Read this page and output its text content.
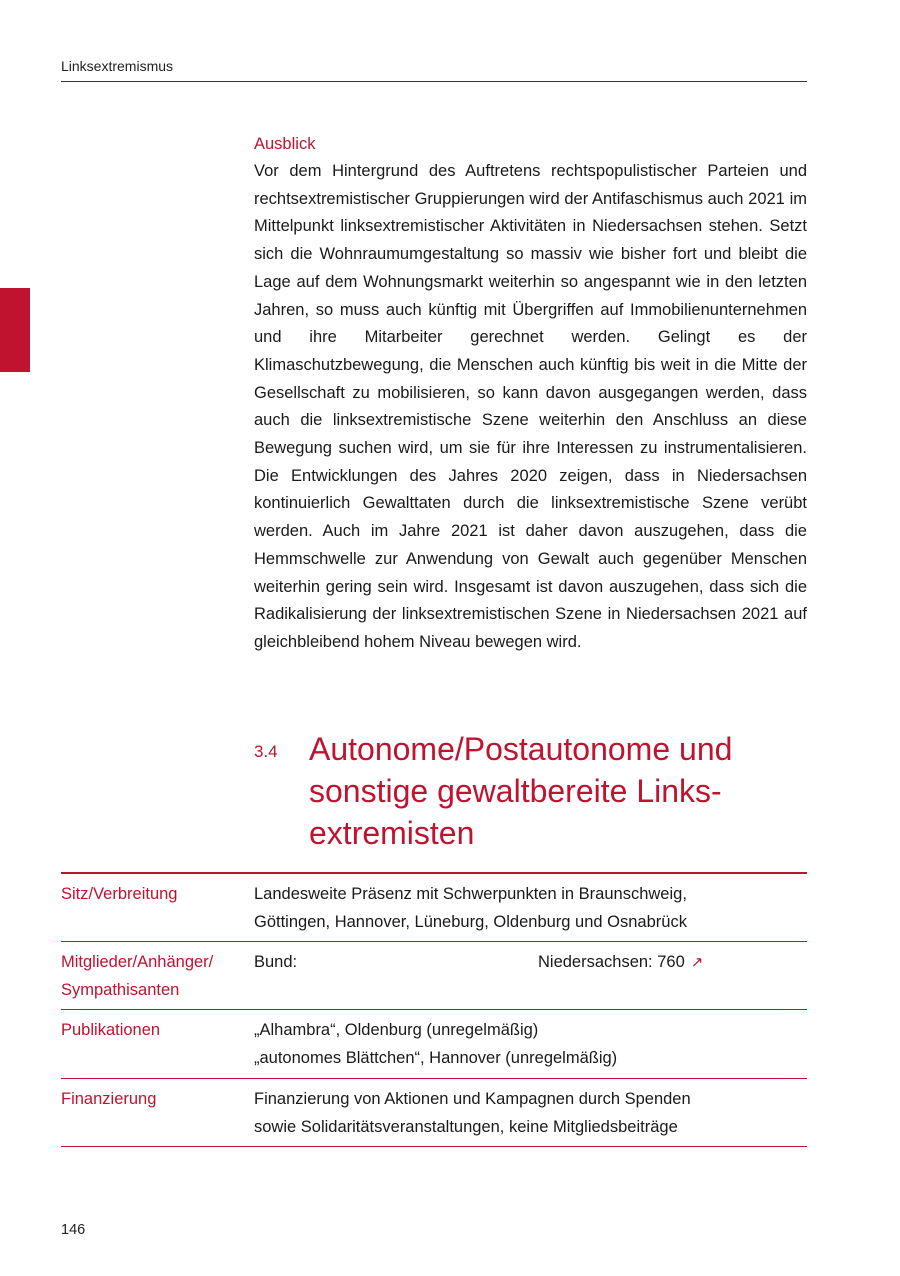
Linksextremismus
Ausblick

Vor dem Hintergrund des Auftretens rechtspopulistischer Parteien und rechtsextremistischer Gruppierungen wird der Antifaschismus auch 2021 im Mittelpunkt linksextremistischer Aktivitäten in Niedersachsen stehen. Setzt sich die Wohnraumumgestaltung so massiv wie bisher fort und bleibt die Lage auf dem Wohnungsmarkt weiterhin so angespannt wie in den letzten Jahren, so muss auch künftig mit Übergriffen auf Immobilienunternehmen und ihre Mitarbeiter gerechnet werden. Gelingt es der Klimaschutzbewegung, die Menschen auch künftig bis weit in die Mitte der Gesellschaft zu mobilisieren, so kann davon ausgegangen werden, dass auch die linksextremistische Szene weiterhin den Anschluss an diese Bewegung suchen wird, um sie für ihre Interessen zu instrumentalisieren. Die Entwicklungen des Jahres 2020 zeigen, dass in Niedersachsen kontinuierlich Gewalttaten durch die linksextremistische Szene verübt werden. Auch im Jahre 2021 ist daher davon auszugehen, dass die Hemmschwelle zur Anwendung von Gewalt auch gegenüber Menschen weiterhin gering sein wird. Insgesamt ist davon auszugehen, dass sich die Radikalisierung der linksextremistischen Szene in Niedersachsen 2021 auf gleichbleibend hohem Niveau bewegen wird.

3.4 Autonome/Postautonome und
sonstige gewaltbereite Links-
extremisten
Sitz/Verbreitung	Landesweite Präsenz mit Schwerpunkten in Braunschweig,
Göttingen, Hannover, Lüneburg, Oldenburg und Osnabrück
Mitglieder/Anhänger/ Sympathisanten
Bund:	Niedersachsen: 760 ↗
Publikationen	„Alhambra“, Oldenburg (unregelmäßig)
„autonomes Blättchen“, Hannover (unregelmäßig)
Finanzierung	Finanzierung von Aktionen und Kampagnen durch Spenden
sowie Solidaritätsveranstaltungen, keine Mitgliedsbeiträge
146
